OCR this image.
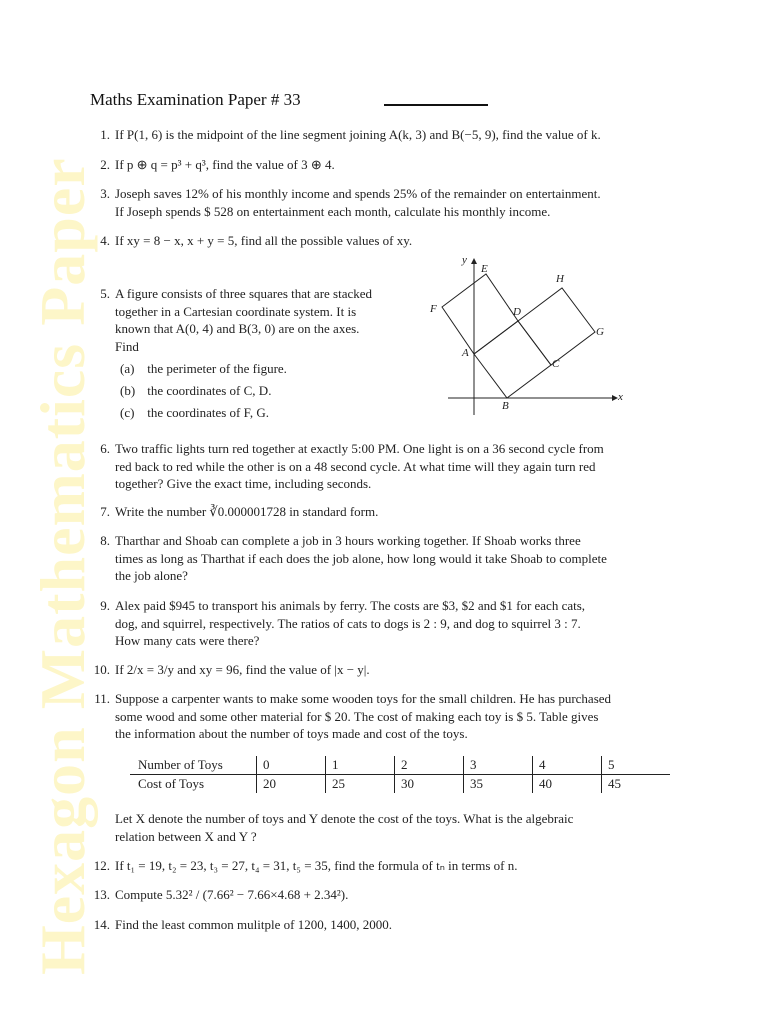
Hexagon Mathematics Paper
Maths Examination Paper # 33
1. If P(1, 6) is the midpoint of the line segment joining A(k, 3) and B(−5, 9), find the value of k.

2. If p ⊕ q = p³ + q³, find the value of 3 ⊕ 4.

3. Joseph saves 12% of his monthly income and spends 25% of the remainder on entertainment.

If Joseph spends $ 528 on entertainment each month, calculate his monthly income.

4. If xy = 8 − x, x + y = 5, find all the possible values of xy.

5. A figure consists of three squares that are stacked

together in a Cartesian coordinate system. It is

known that A(0, 4) and B(3, 0) are on the axes.

Find

(a) the perimeter of the figure.
(b) the coordinates of C, D.
(c) the coordinates of F, G.
y
x
A
B
C
D
E
F
G
H
6. Two traffic lights turn red together at exactly 5:00 PM. One light is on a 36 second cycle from

red back to red while the other is on a 48 second cycle. At what time will they again turn red

together? Give the exact time, including seconds.

7. Write the number ∛0.000001728 in standard form.

8. Tharthar and Shoab can complete a job in 3 hours working together. If Shoab works three

times as long as Tharthat if each does the job alone, how long would it take Shoab to complete

the job alone?

9. Alex paid $945 to transport his animals by ferry. The costs are $3, $2 and $1 for each cats,

dog, and squirrel, respectively. The ratios of cats to dogs is 2 : 9, and dog to squirrel 3 : 7.

How many cats were there?

10. If 2/x = 3/y and xy = 96, find the value of |x − y|.

11. Suppose a carpenter wants to make some wooden toys for the small children. He has purchased

some wood and some other material for $ 20. The cost of making each toy is $ 5. Table gives

the information about the number of toys made and cost of the toys.

Number of Toys	0	1	2	3	4	5
Cost of Toys	20	25	30	35	40	45

Let X denote the number of toys and Y denote the cost of the toys. What is the algebraic

relation between X and Y ?

12. If t₁ = 19, t₂ = 23, t₃ = 27, t₄ = 31, t₅ = 35, find the formula of tₙ in terms of n.

13. Compute 5.32² / (7.66² − 7.66×4.68 + 2.34²).

14. Find the least common mulitple of 1200, 1400, 2000.
